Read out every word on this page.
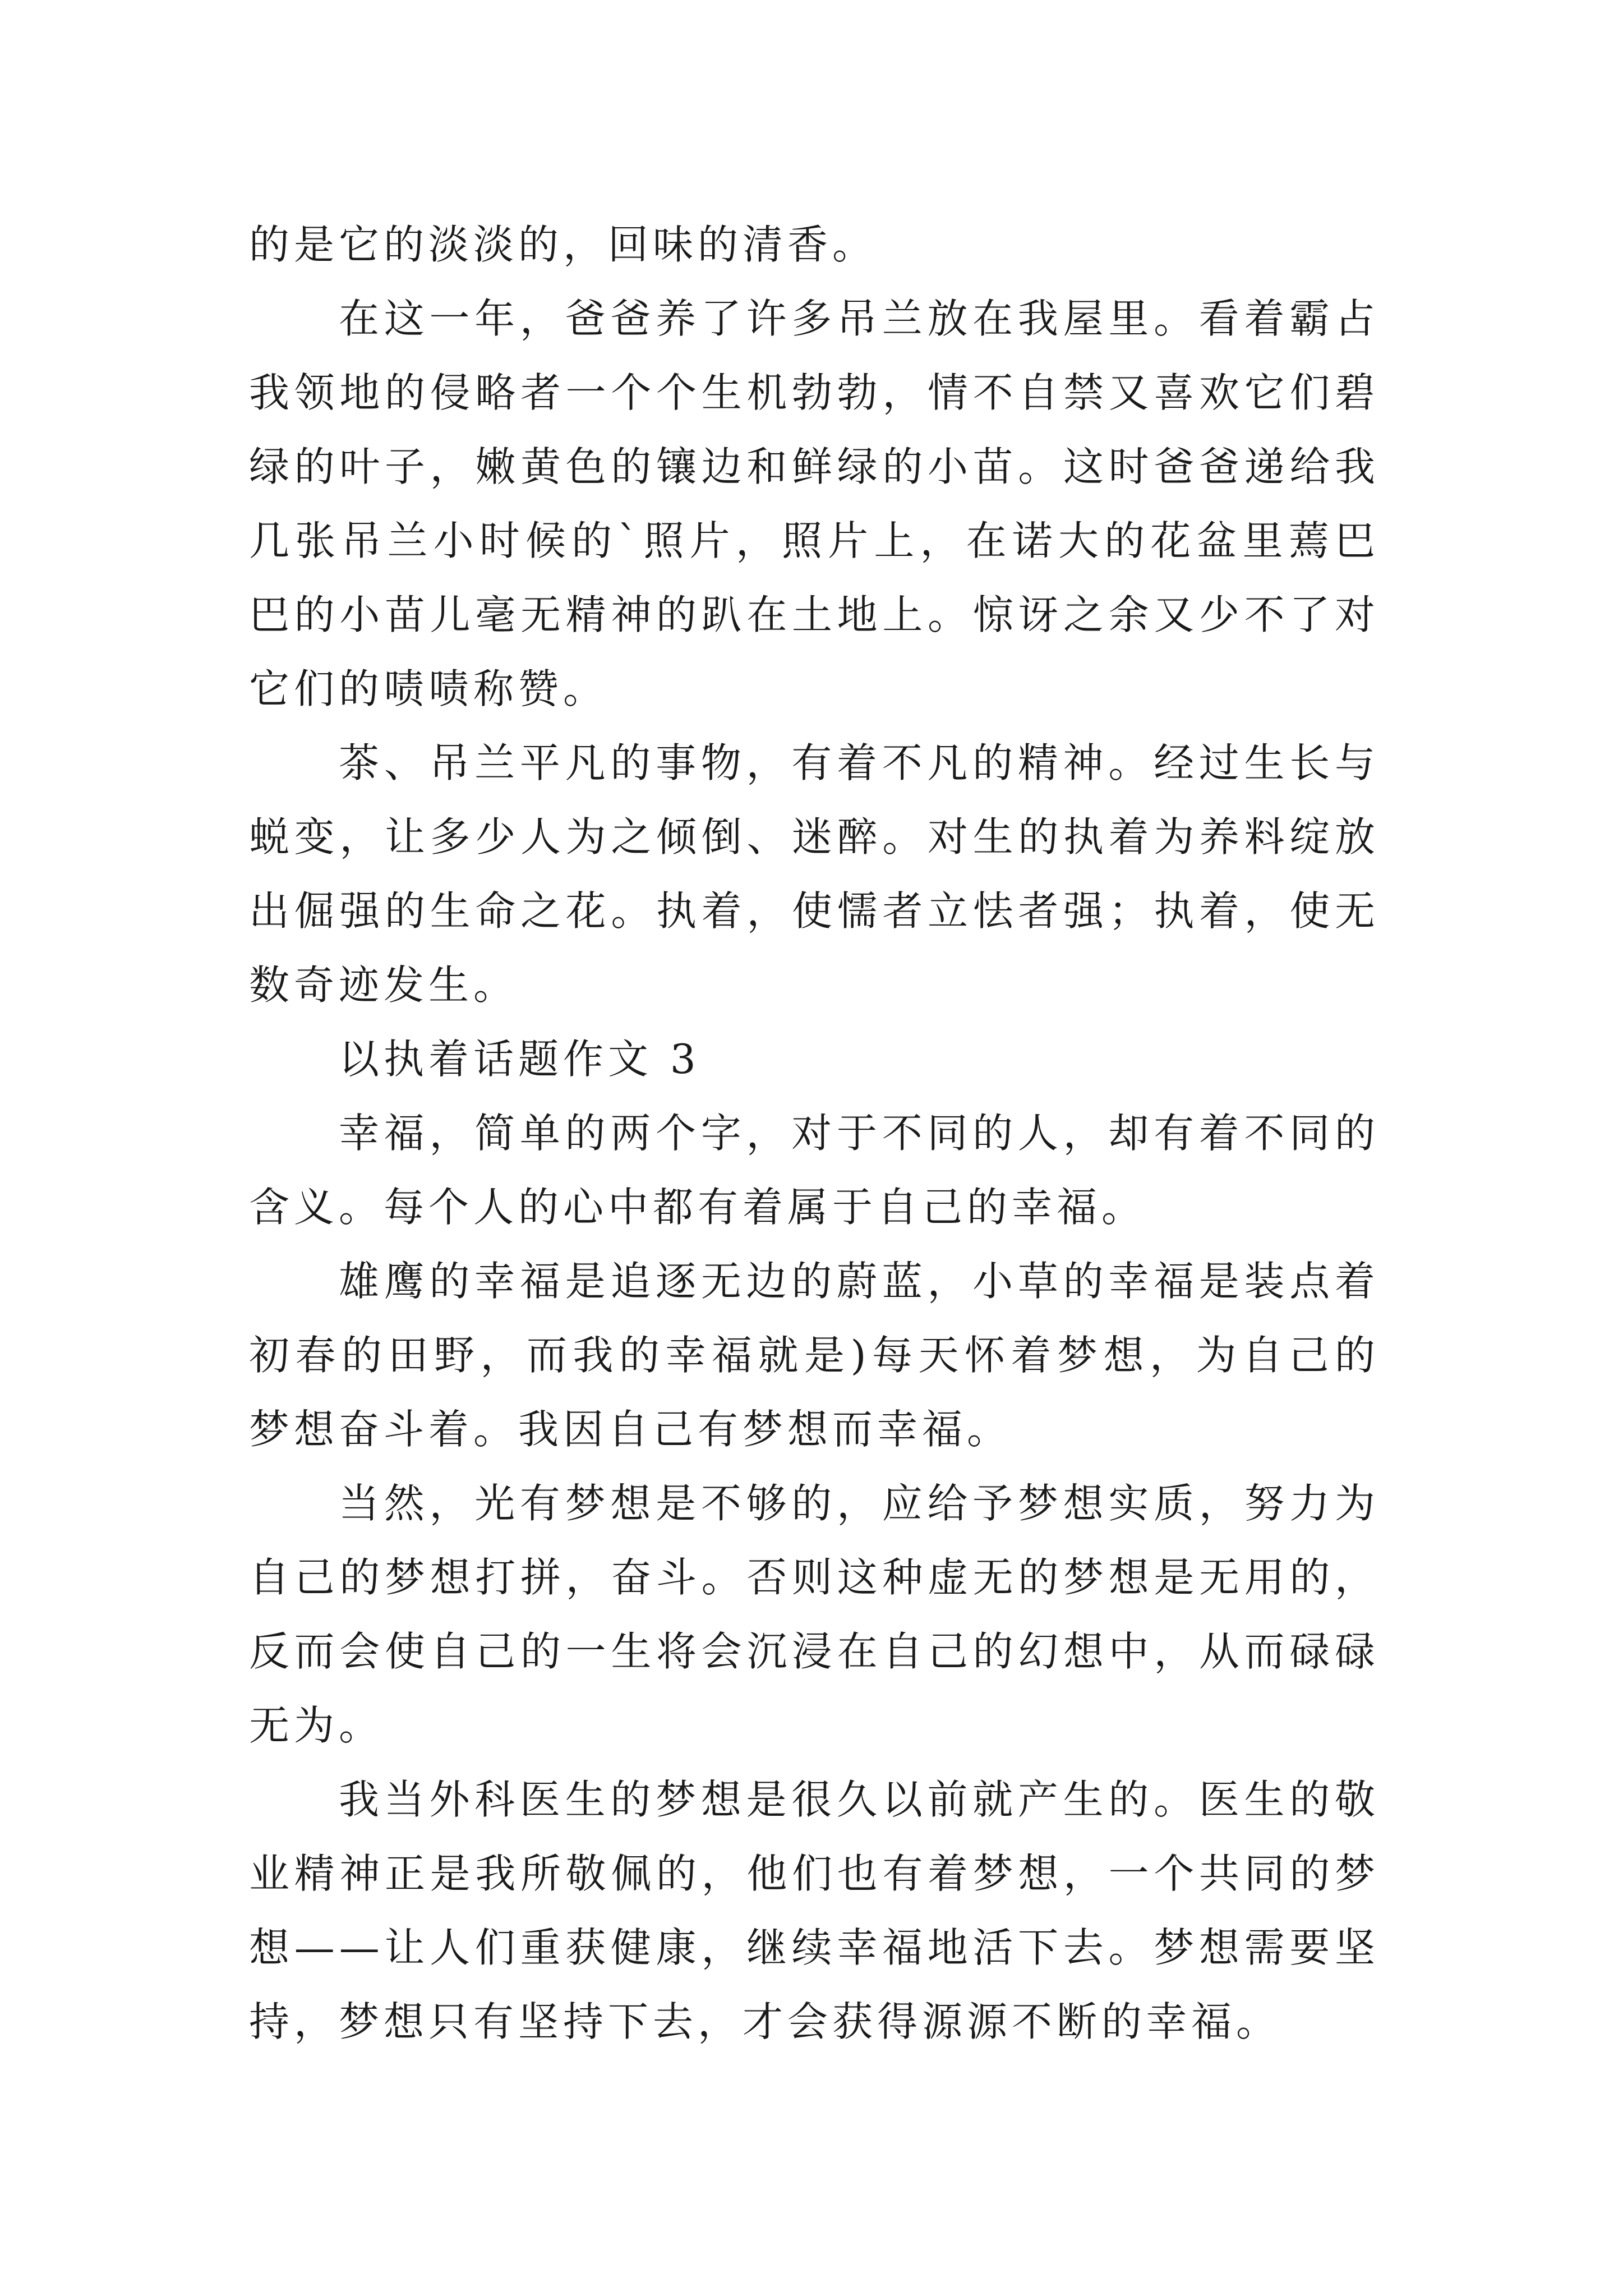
的是它的淡淡的，回味的清香。

在这一年，爸爸养了许多吊兰放在我屋里。看着霸占我领地的侵略者一个个生机勃勃，情不自禁又喜欢它们碧绿的叶子，嫩黄色的镶边和鲜绿的小苗。这时爸爸递给我几张吊兰小时候的`照片，照片上，在诺大的花盆里蔫巴巴的小苗儿毫无精神的趴在土地上。惊讶之余又少不了对它们的啧啧称赞。

茶、吊兰平凡的事物，有着不凡的精神。经过生长与蜕变，让多少人为之倾倒、迷醉。对生的执着为养料绽放出倔强的生命之花。执着，使懦者立怯者强；执着，使无数奇迹发生。

以执着话题作文 3

幸福，简单的两个字，对于不同的人，却有着不同的含义。每个人的心中都有着属于自己的幸福。

雄鹰的幸福是追逐无边的蔚蓝，小草的幸福是装点着初春的田野，而我的幸福就是)每天怀着梦想，为自己的梦想奋斗着。我因自己有梦想而幸福。

当然，光有梦想是不够的，应给予梦想实质，努力为自己的梦想打拼，奋斗。否则这种虚无的梦想是无用的，反而会使自己的一生将会沉浸在自己的幻想中，从而碌碌无为。

我当外科医生的梦想是很久以前就产生的。医生的敬业精神正是我所敬佩的，他们也有着梦想，一个共同的梦想——让人们重获健康，继续幸福地活下去。梦想需要坚持，梦想只有坚持下去，才会获得源源不断的幸福。
